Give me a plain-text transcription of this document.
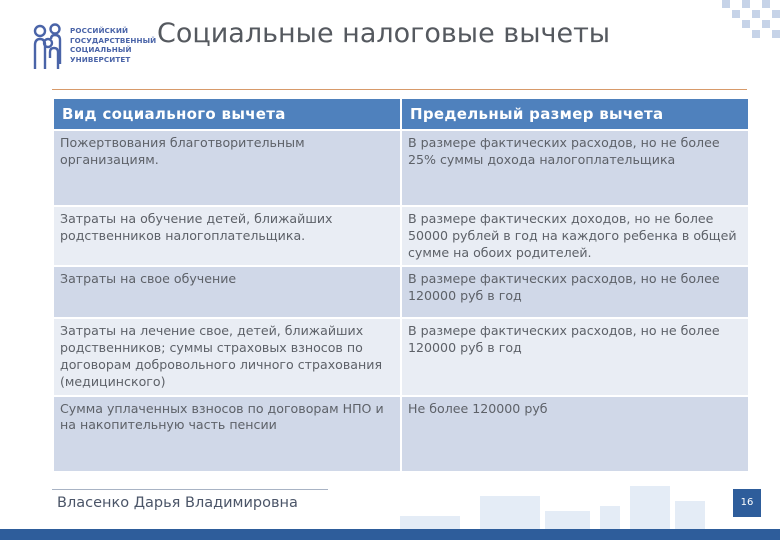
РОССИЙСКИЙ
ГОСУДАРСТВЕННЫЙ
СОЦИАЛЬНЫЙ
УНИВЕРСИТЕТ
Социальные налоговые вычеты
Вид социального вычета	Предельный размер вычета
Пожертвования благотворительным организациям.	В размере фактических расходов, но не более 25% суммы дохода налогоплательщика
Затраты на обучение детей, ближайших родственников налогоплательщика.	В размере фактических доходов, но не более 50000 рублей в год на каждого ребенка в общей сумме на обоих родителей.
Затраты на свое обучение	В размере фактических расходов, но не более 120000 руб в год
Затраты на лечение свое, детей, ближайших родственников; суммы страховых взносов по договорам добровольного личного страхования (медицинского)	В размере фактических расходов, но не более 120000 руб в год
Сумма уплаченных взносов по договорам НПО и на накопительную часть пенсии	Не более 120000 руб
Власенко Дарья Владимировна	16
